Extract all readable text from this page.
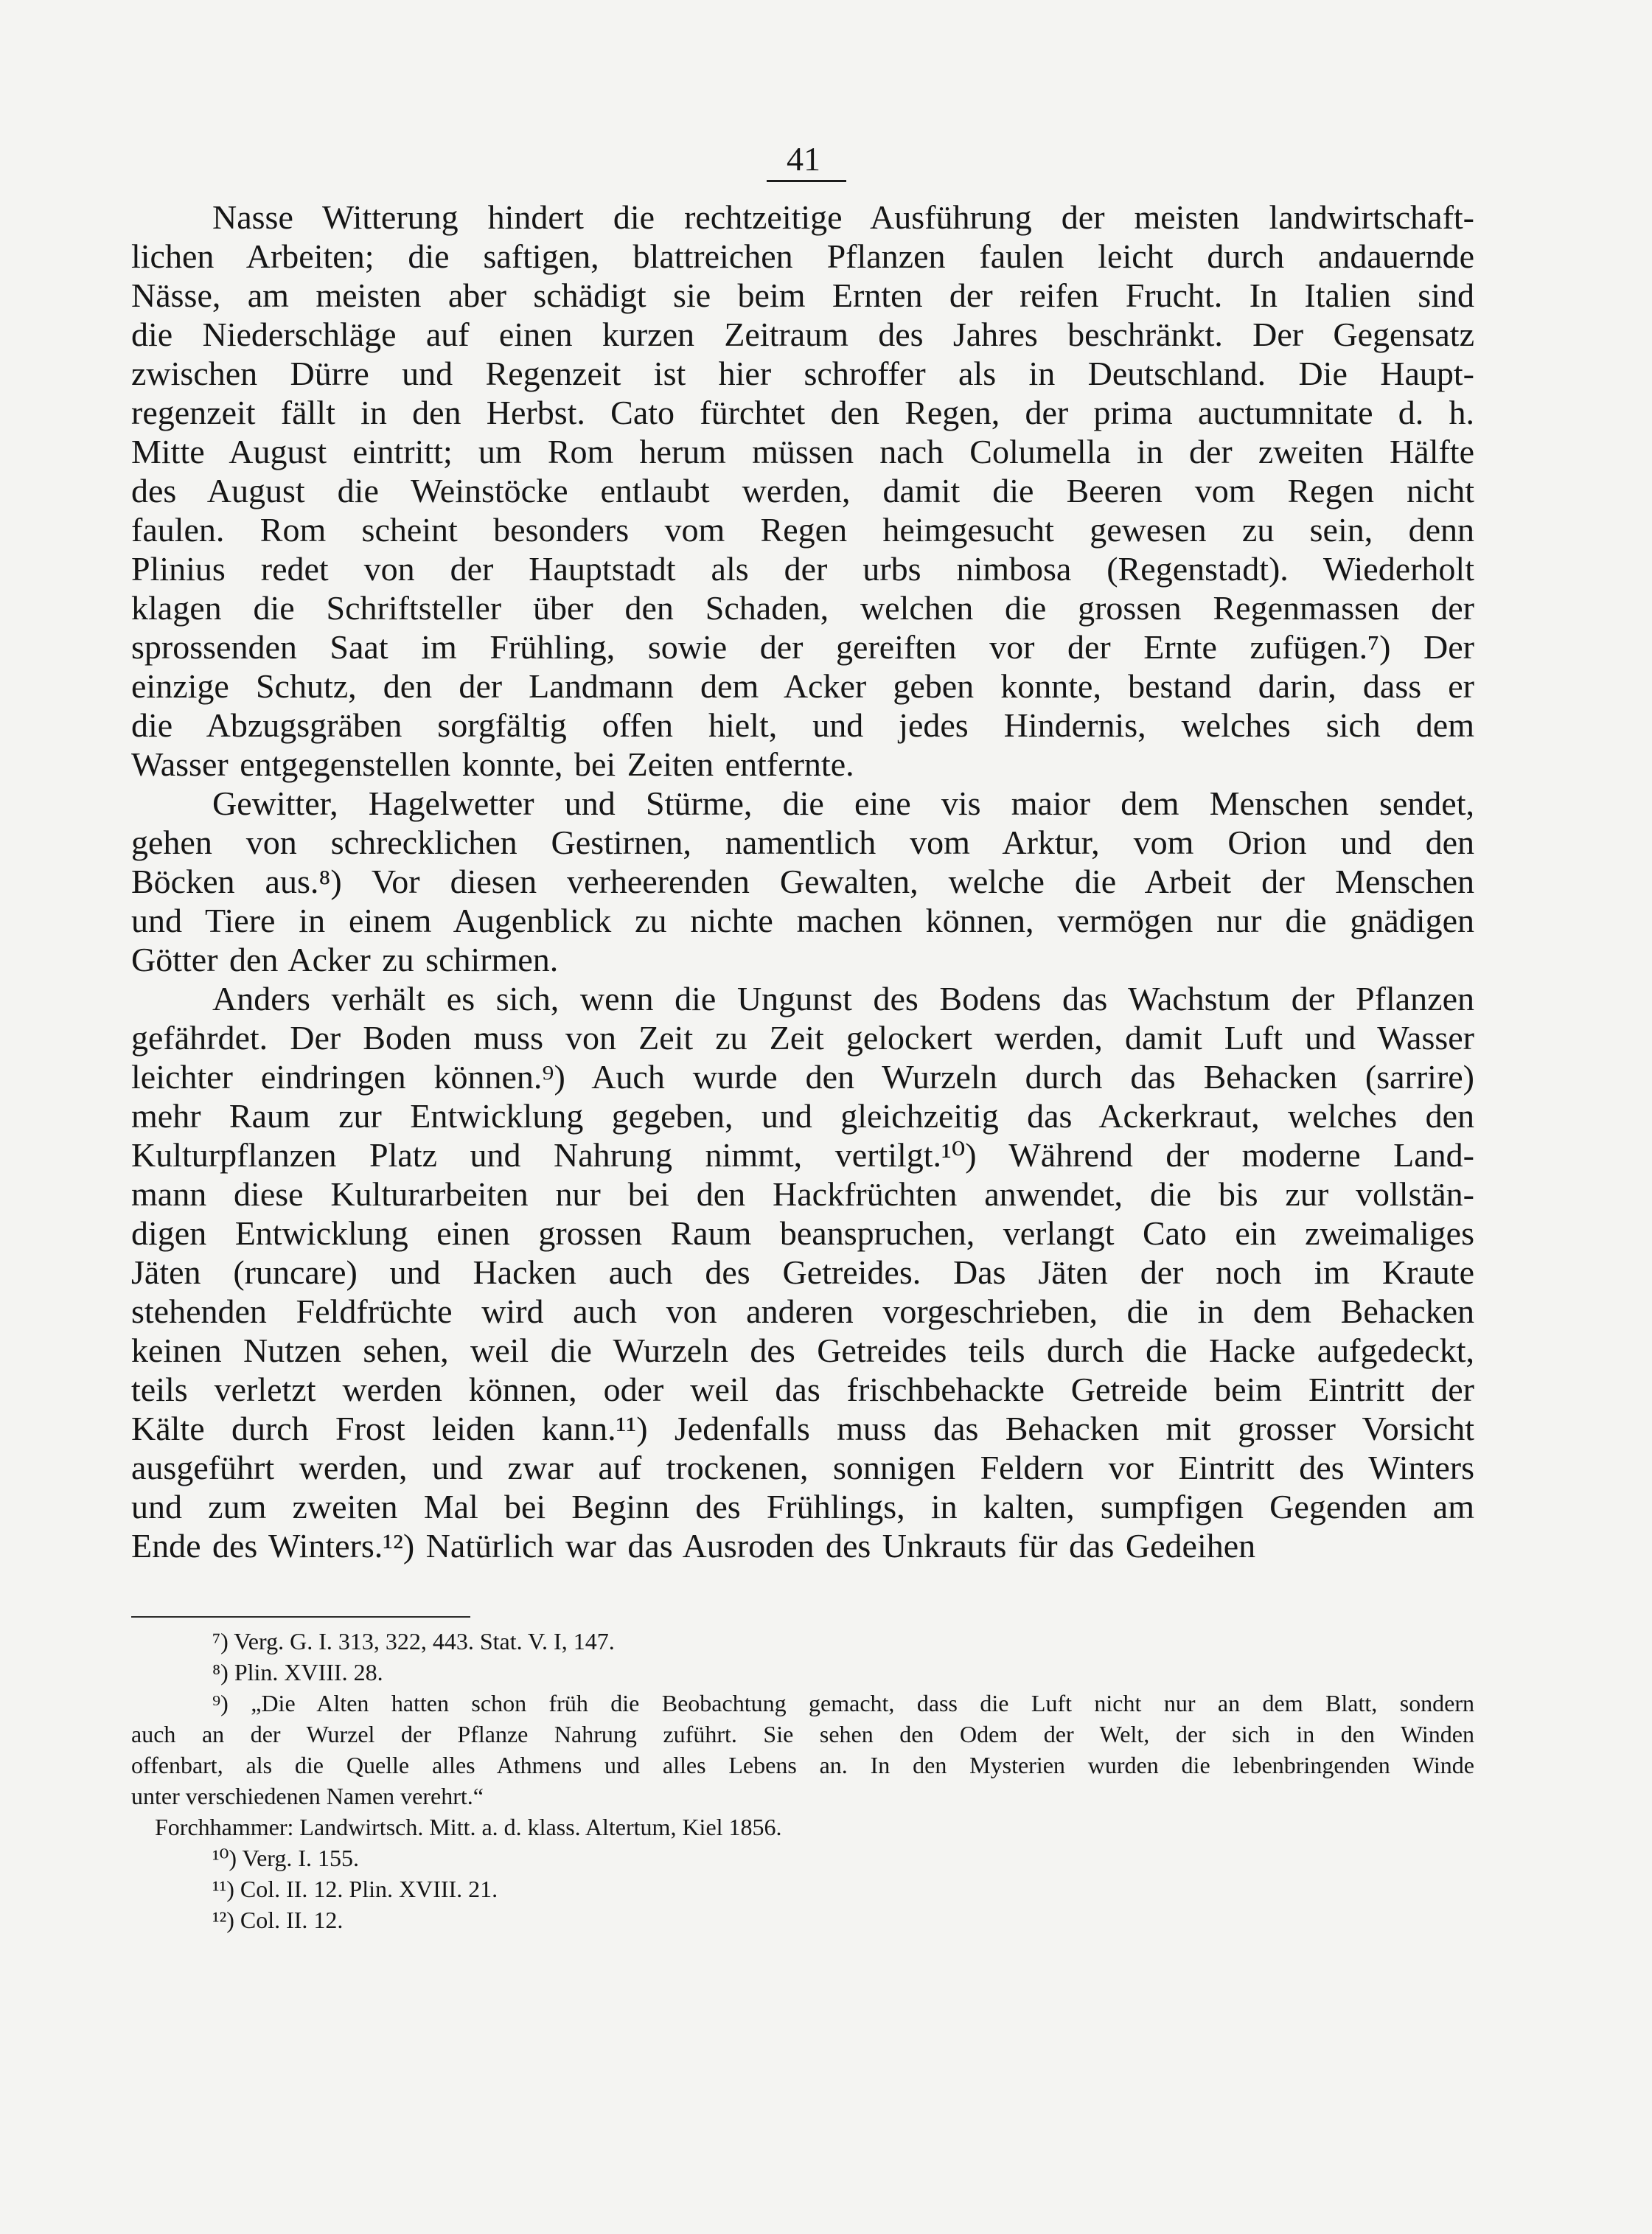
41

Nasse Witterung hindert die rechtzeitige Ausführung der meisten landwirtschaft-
lichen Arbeiten; die saftigen, blattreichen Pflanzen faulen leicht durch andauernde
Nässe, am meisten aber schädigt sie beim Ernten der reifen Frucht. In Italien sind
die Niederschläge auf einen kurzen Zeitraum des Jahres beschränkt. Der Gegensatz
zwischen Dürre und Regenzeit ist hier schroffer als in Deutschland. Die Haupt-
regenzeit fällt in den Herbst. Cato fürchtet den Regen, der prima auctumnitate d. h.
Mitte August eintritt; um Rom herum müssen nach Columella in der zweiten Hälfte
des August die Weinstöcke entlaubt werden, damit die Beeren vom Regen nicht
faulen. Rom scheint besonders vom Regen heimgesucht gewesen zu sein, denn
Plinius redet von der Hauptstadt als der urbs nimbosa (Regenstadt). Wiederholt
klagen die Schriftsteller über den Schaden, welchen die grossen Regenmassen der
sprossenden Saat im Frühling, sowie der gereiften vor der Ernte zufügen.⁷) Der
einzige Schutz, den der Landmann dem Acker geben konnte, bestand darin, dass er
die Abzugsgräben sorgfältig offen hielt, und jedes Hindernis, welches sich dem
Wasser entgegenstellen konnte, bei Zeiten entfernte.

Gewitter, Hagelwetter und Stürme, die eine vis maior dem Menschen sendet,
gehen von schrecklichen Gestirnen, namentlich vom Arktur, vom Orion und den
Böcken aus.⁸) Vor diesen verheerenden Gewalten, welche die Arbeit der Menschen
und Tiere in einem Augenblick zu nichte machen können, vermögen nur die gnädigen
Götter den Acker zu schirmen.

Anders verhält es sich, wenn die Ungunst des Bodens das Wachstum der Pflanzen
gefährdet. Der Boden muss von Zeit zu Zeit gelockert werden, damit Luft und Wasser
leichter eindringen können.⁹) Auch wurde den Wurzeln durch das Behacken (sarrire)
mehr Raum zur Entwicklung gegeben, und gleichzeitig das Ackerkraut, welches den
Kulturpflanzen Platz und Nahrung nimmt, vertilgt.¹⁰) Während der moderne Land-
mann diese Kulturarbeiten nur bei den Hackfrüchten anwendet, die bis zur vollstän-
digen Entwicklung einen grossen Raum beanspruchen, verlangt Cato ein zweimaliges
Jäten (runcare) und Hacken auch des Getreides. Das Jäten der noch im Kraute
stehenden Feldfrüchte wird auch von anderen vorgeschrieben, die in dem Behacken
keinen Nutzen sehen, weil die Wurzeln des Getreides teils durch die Hacke aufgedeckt,
teils verletzt werden können, oder weil das frischbehackte Getreide beim Eintritt der
Kälte durch Frost leiden kann.¹¹) Jedenfalls muss das Behacken mit grosser Vorsicht
ausgeführt werden, und zwar auf trockenen, sonnigen Feldern vor Eintritt des Winters
und zum zweiten Mal bei Beginn des Frühlings, in kalten, sumpfigen Gegenden am
Ende des Winters.¹²) Natürlich war das Ausroden des Unkrauts für das Gedeihen

⁷) Verg. G. I. 313, 322, 443. Stat. V. I, 147.
⁸) Plin. XVIII. 28.
⁹) „Die Alten hatten schon früh die Beobachtung gemacht, dass die Luft nicht nur an dem Blatt, sondern
auch an der Wurzel der Pflanze Nahrung zuführt. Sie sehen den Odem der Welt, der sich in den Winden
offenbart, als die Quelle alles Athmens und alles Lebens an. In den Mysterien wurden die lebenbringenden Winde
unter verschiedenen Namen verehrt.“
Forchhammer: Landwirtsch. Mitt. a. d. klass. Altertum, Kiel 1856.
¹⁰) Verg. I. 155.
¹¹) Col. II. 12. Plin. XVIII. 21.
¹²) Col. II. 12.
